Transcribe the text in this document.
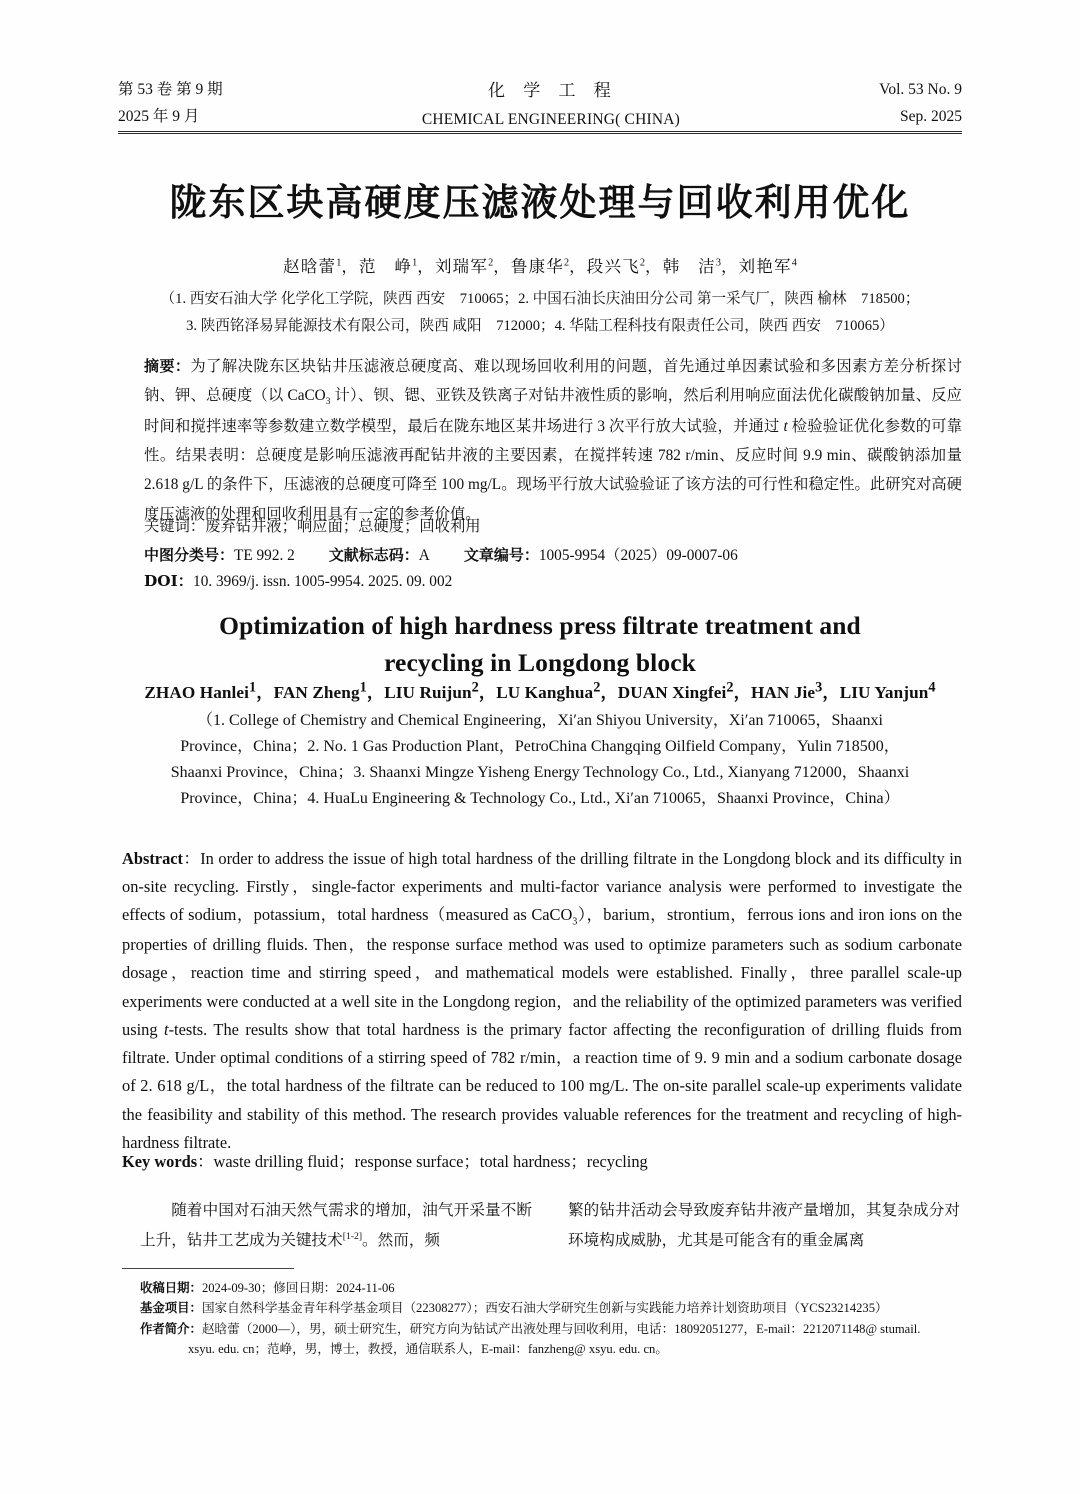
第 53 卷 第 9 期
2025 年 9 月
化 学 工 程
CHEMICAL ENGINEERING( CHINA)
Vol. 53 No. 9
Sep. 2025
陇东区块高硬度压滤液处理与回收利用优化
赵晗蕾$^1$，范　峥$^1$，刘瑞军$^2$，鲁康华$^2$，段兴飞$^2$，韩　洁$^3$，刘艳军$^4$
（1. 西安石油大学 化学化工学院，陕西 西安　710065；2. 中国石油长庆油田分公司 第一采气厂，陕西 榆林　718500；
3. 陕西铭泽易昇能源技术有限公司，陕西 咸阳　712000；4. 华陆工程科技有限责任公司，陕西 西安　710065）

摘要：为了解决陇东区块钻井压滤液总硬度高、难以现场回收利用的问题，首先通过单因素试验和多因素方差分析探讨钠、钾、总硬度（以 CaCO$_3$ 计）、钡、锶、亚铁及铁离子对钻井液性质的影响，然后利用响应面法优化碳酸钠加量、反应时间和搅拌速率等参数建立数学模型，最后在陇东地区某井场进行 3 次平行放大试验，并通过 t 检验验证优化参数的可靠性。结果表明：总硬度是影响压滤液再配钻井液的主要因素，在搅拌转速 782 r/min、反应时间 9.9 min、碳酸钠添加量 2.618 g/L 的条件下，压滤液的总硬度可降至 100 mg/L。现场平行放大试验验证了该方法的可行性和稳定性。此研究对高硬度压滤液的处理和回收利用具有一定的参考价值。

关键词：废弃钻井液；响应面；总硬度；回收利用
中图分类号：TE 992. 2 文献标志码：A 文章编号：1005-9954（2025）09-0007-06
DOI：10. 3969/j. issn. 1005-9954. 2025. 09. 002
Optimization of high hardness press filtrate treatment and
recycling in Longdong block
ZHAO Hanlei$^1$，FAN Zheng$^1$，LIU Ruijun$^2$，LU Kanghua$^2$，DUAN Xingfei$^2$，HAN Jie$^3$，LIU Yanjun$^4$
（1. College of Chemistry and Chemical Engineering，Xi′an Shiyou University，Xi′an 710065，Shaanxi Province，China；2. No. 1 Gas Production Plant，PetroChina Changqing Oilfield Company，Yulin 718500，Shaanxi Province，China；3. Shaanxi Mingze Yisheng Energy Technology Co., Ltd., Xianyang 712000，Shaanxi Province，China；4. HuaLu Engineering & Technology Co., Ltd., Xi′an 710065，Shaanxi Province，China）
Abstract：In order to address the issue of high total hardness of the drilling filtrate in the Longdong block and its difficulty in on-site recycling. Firstly，single-factor experiments and multi-factor variance analysis were performed to investigate the effects of sodium，potassium，total hardness（measured as CaCO$_3$），barium，strontium，ferrous ions and iron ions on the properties of drilling fluids. Then，the response surface method was used to optimize parameters such as sodium carbonate dosage，reaction time and stirring speed，and mathematical models were established. Finally，three parallel scale-up experiments were conducted at a well site in the Longdong region，and the reliability of the optimized parameters was verified using t-tests. The results show that total hardness is the primary factor affecting the reconfiguration of drilling fluids from filtrate. Under optimal conditions of a stirring speed of 782 r/min，a reaction time of 9. 9 min and a sodium carbonate dosage of 2. 618 g/L，the total hardness of the filtrate can be reduced to 100 mg/L. The on-site parallel scale-up experiments validate the feasibility and stability of this method. The research provides valuable references for the treatment and recycling of high-hardness filtrate.
Key words：waste drilling fluid；response surface；total hardness；recycling

随着中国对石油天然气需求的增加，油气开采量不断上升，钻井工艺成为关键技术[1-2]。然而，频

繁的钻井活动会导致废弃钻井液产量增加，其复杂成分对环境构成威胁，尤其是可能含有的重金属离

收稿日期：2024-09-30；修回日期：2024-11-06

基金项目：国家自然科学基金青年科学基金项目（22308277）；西安石油大学研究生创新与实践能力培养计划资助项目（YCS23214235）

作者简介：赵晗蕾（2000—），男，硕士研究生，研究方向为钻试产出液处理与回收利用，电话：18092051277，E-mail：2212071148@ stumail.
xsyu. edu. cn；范峥，男，博士，教授，通信联系人，E-mail：fanzheng@ xsyu. edu. cn。
